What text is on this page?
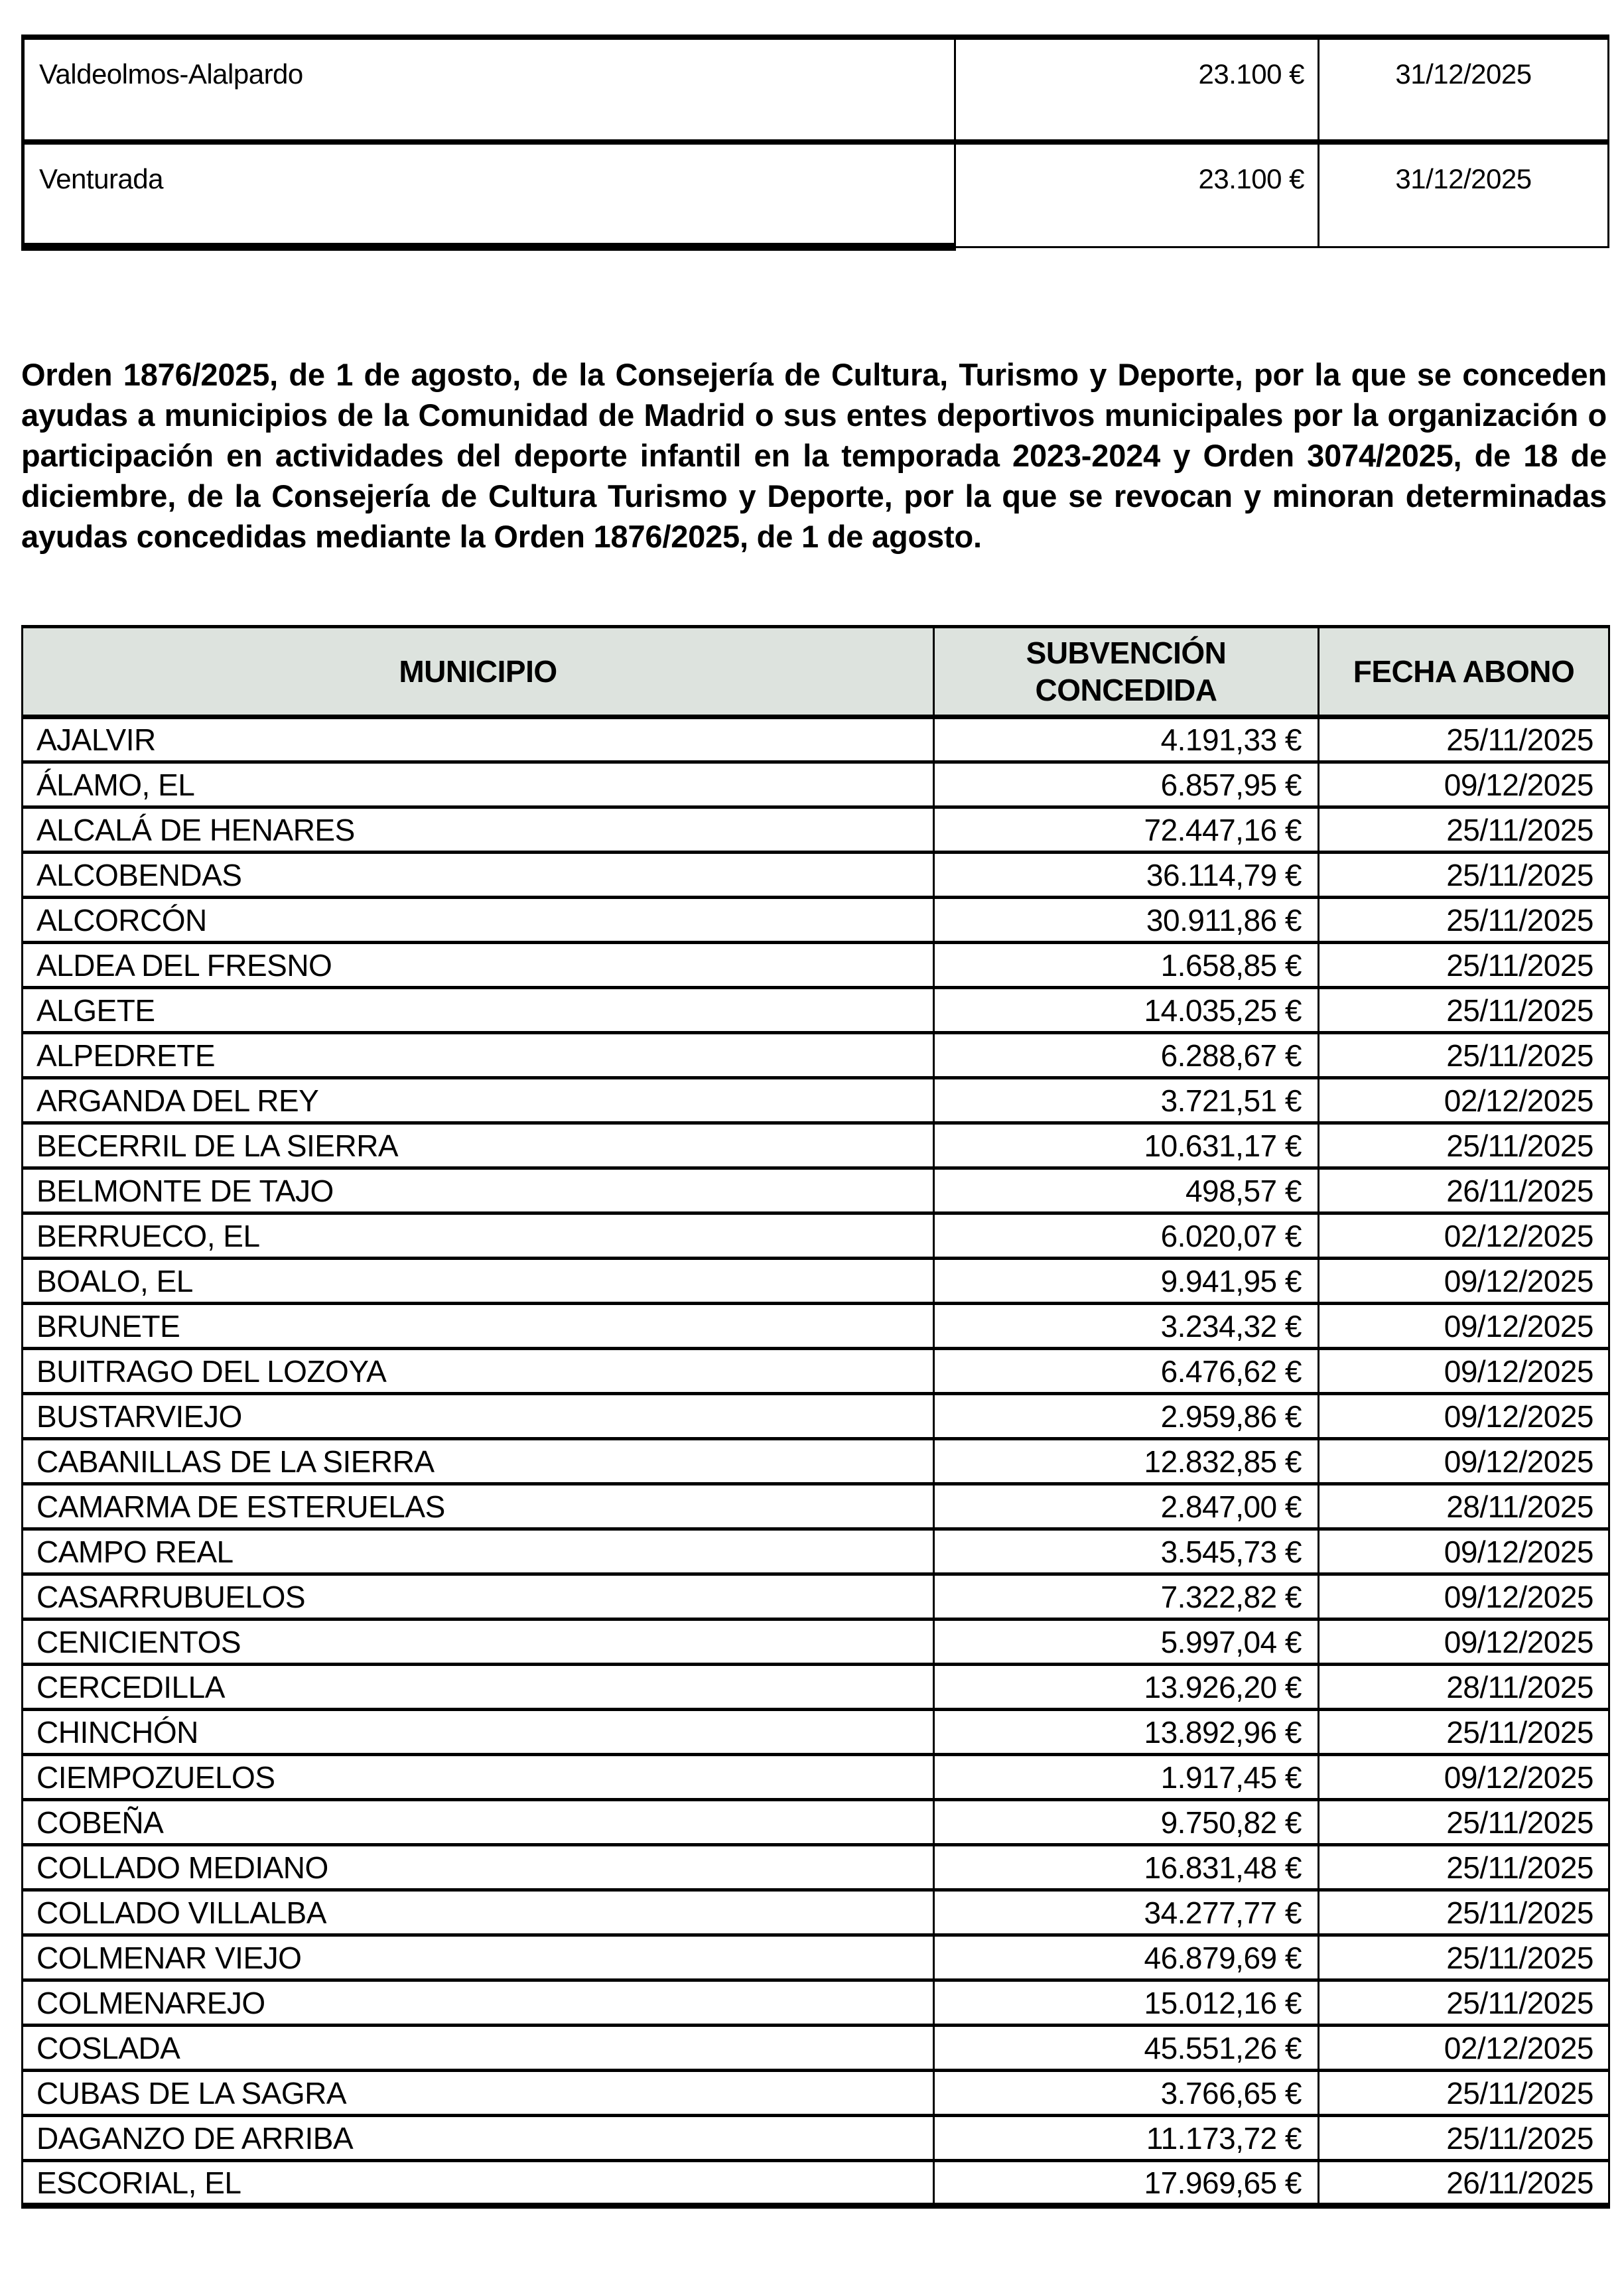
Valdeolmos-Alalpardo	23.100 €	31/12/2025
Venturada	23.100 €	31/12/2025

Orden 1876/2025, de 1 de agosto, de la Consejería de Cultura, Turismo y Deporte, por la que se conceden ayudas a municipios de la Comunidad de Madrid o sus entes deportivos municipales por la organización o participación en actividades del deporte infantil en la temporada 2023-2024 y Orden 3074/2025, de 18 de diciembre, de la Consejería de Cultura Turismo y Deporte, por la que se revocan y minoran determinadas ayudas concedidas mediante la Orden 1876/2025, de 1 de agosto.

MUNICIPIO	SUBVENCIÓN CONCEDIDA	FECHA ABONO
AJALVIR	4.191,33 €	25/11/2025
ÁLAMO, EL	6.857,95 €	09/12/2025
ALCALÁ DE HENARES	72.447,16 €	25/11/2025
ALCOBENDAS	36.114,79 €	25/11/2025
ALCORCÓN	30.911,86 €	25/11/2025
ALDEA DEL FRESNO	1.658,85 €	25/11/2025
ALGETE	14.035,25 €	25/11/2025
ALPEDRETE	6.288,67 €	25/11/2025
ARGANDA DEL REY	3.721,51 €	02/12/2025
BECERRIL DE LA SIERRA	10.631,17 €	25/11/2025
BELMONTE DE TAJO	498,57 €	26/11/2025
BERRUECO, EL	6.020,07 €	02/12/2025
BOALO, EL	9.941,95 €	09/12/2025
BRUNETE	3.234,32 €	09/12/2025
BUITRAGO DEL LOZOYA	6.476,62 €	09/12/2025
BUSTARVIEJO	2.959,86 €	09/12/2025
CABANILLAS DE LA SIERRA	12.832,85 €	09/12/2025
CAMARMA DE ESTERUELAS	2.847,00 €	28/11/2025
CAMPO REAL	3.545,73 €	09/12/2025
CASARRUBUELOS	7.322,82 €	09/12/2025
CENICIENTOS	5.997,04 €	09/12/2025
CERCEDILLA	13.926,20 €	28/11/2025
CHINCHÓN	13.892,96 €	25/11/2025
CIEMPOZUELOS	1.917,45 €	09/12/2025
COBEÑA	9.750,82 €	25/11/2025
COLLADO MEDIANO	16.831,48 €	25/11/2025
COLLADO VILLALBA	34.277,77 €	25/11/2025
COLMENAR VIEJO	46.879,69 €	25/11/2025
COLMENAREJO	15.012,16 €	25/11/2025
COSLADA	45.551,26 €	02/12/2025
CUBAS DE LA SAGRA	3.766,65 €	25/11/2025
DAGANZO DE ARRIBA	11.173,72 €	25/11/2025
ESCORIAL, EL	17.969,65 €	26/11/2025
